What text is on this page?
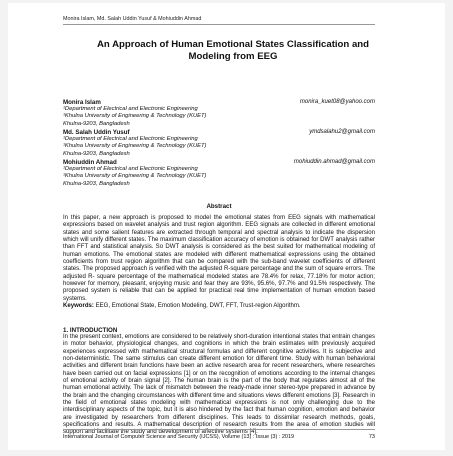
Monira Islam, Md. Salah Uddin Yusuf & Mohiuddin Ahmad
An Approach of Human Emotional States Classification and Modeling from EEG
Monira Islam
¹Department of Electrical and Electronic Engineering
¹Khulna University of Engineering & Technology (KUET)
Khulna-9203, Bangladesh
monira_kuet08@yahoo.com
Md. Salah Uddin Yusuf
¹Department of Electrical and Electronic Engineering
¹Khulna University of Engineering & Technology (KUET)
Khulna-9203, Bangladesh
ymdsalahu2@gmail.com
Mohiuddin Ahmad
¹Department of Electrical and Electronic Engineering
¹Khulna University of Engineering & Technology (KUET)
Khulna-9203, Bangladesh
mohiuddin.ahmad@gmail.com
Abstract
In this paper, a new approach is proposed to model the emotional states from EEG signals with mathematical expressions based on wavelet analysis and trust region algorithm. EEG signals are collected in different emotional states and some salient features are extracted through temporal and spectral analysis to indicate the dispersion which will unify different states. The maximum classification accuracy of emotion is obtained for DWT analysis rather than FFT and statistical analysis. So DWT analysis is considered as the best suited for mathematical modeling of human emotions. The emotional states are modeled with different mathematical expressions using the obtained coefficients from trust region algorithm that can be compared with the sub-band wavelet coefficients of different states. The proposed approach is verified with the adjusted R-square percentage and the sum of square errors. The adjusted R- square percentage of the mathematical modeled states are 78.4% for relax, 77.18% for motor action; however for memory, pleasant, enjoying music and fear they are 93%, 95.6%, 97.7% and 91.5% respectively. The proposed system is reliable that can be applied for practical real time implementation of human emotion based systems.
Keywords: EEG, Emotional State, Emotion Modeling, DWT, FFT, Trust-region Algorithm.
1. INTRODUCTION
In the present context, emotions are considered to be relatively short-duration intentional states that entrain changes in motor behavior, physiological changes, and cognitions in which the brain estimates with previously acquired experiences expressed with mathematical structural formulas and different cognitive activities. It is subjective and non-deterministic. The same stimulus can create different emotion for different time. Study with human behavioral activities and different brain functions have been an active research area for recent researchers, where researches have been carried out on facial expressions [1] or on the recognition of emotions according to the internal changes of emotional activity of brain signal [2]. The human brain is the part of the body that regulates almost all of the human emotional activity. The lack of mismatch between the ready-made inner stereo-type prepared in advance by the brain and the changing circumstances with different time and situations views different emotions [3]. Research in the field of emotional states modeling with mathematical expressions is not only challenging due to the interdisciplinary aspects of the topic, but it is also hindered by the fact that human cognition, emotion and behavior are investigated by researchers from different disciplines. This leads to dissimilar research methods, goals, specifications and results. A mathematical description of research results from the area of emotion studies will support and facilitate the study and development of affective systems [4].
International Journal of Computer Science and Security (IJCSS), Volume (13) : Issue (3) : 2019	73
